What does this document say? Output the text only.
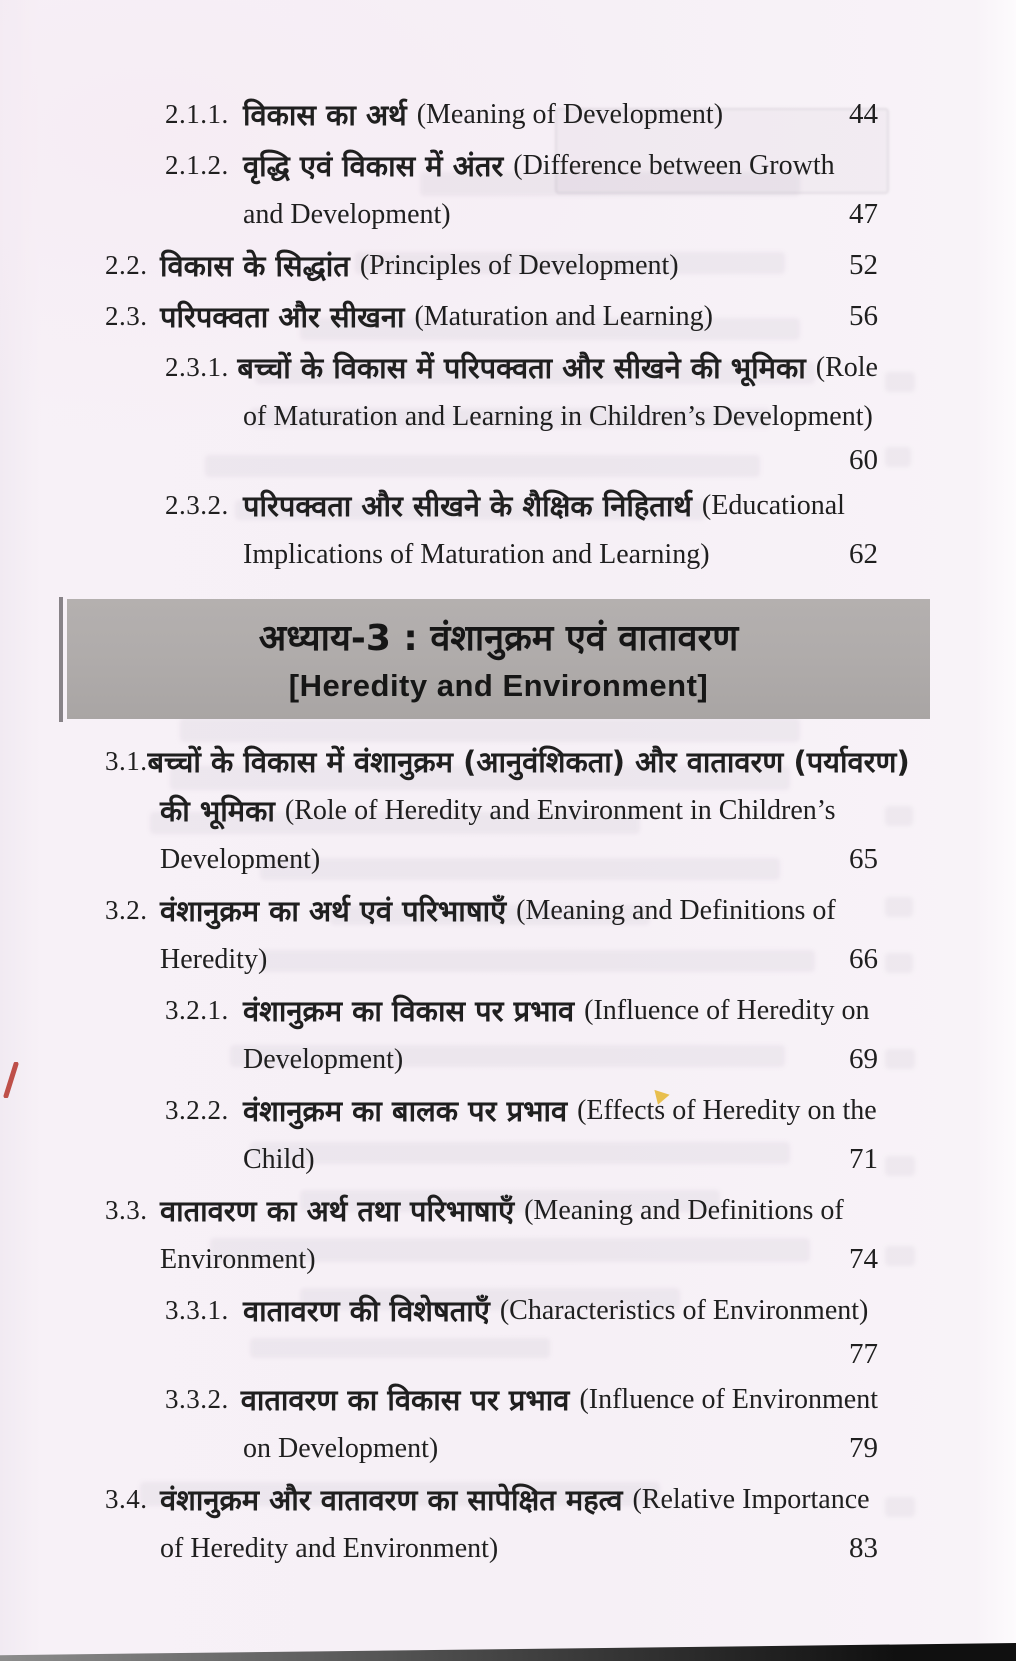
2.1.1. विकास का अर्थ (Meaning of Development)	44
2.1.2. वृद्धि एवं विकास में अंतर (Difference between Growth
and Development)	47
2.2. विकास के सिद्धांत (Principles of Development)	52
2.3. परिपक्वता और सीखना (Maturation and Learning)	56
2.3.1. बच्चों के विकास में परिपक्वता और सीखने की भूमिका (Role
of Maturation and Learning in Children’s Development)
60
2.3.2. परिपक्वता और सीखने के शैक्षिक निहितार्थ (Educational
Implications of Maturation and Learning)	62
अध्याय-3 : वंशानुक्रम एवं वातावरण
[Heredity and Environment]
3.1. बच्चों के विकास में वंशानुक्रम (आनुवंशिकता) और वातावरण (पर्यावरण)
की भूमिका (Role of Heredity and Environment in Children’s
Development)	65
3.2. वंशानुक्रम का अर्थ एवं परिभाषाएँ (Meaning and Definitions of
Heredity)	66
3.2.1. वंशानुक्रम का विकास पर प्रभाव (Influence of Heredity on
Development)	69
3.2.2. वंशानुक्रम का बालक पर प्रभाव (Effects of Heredity on the
Child)	71
3.3. वातावरण का अर्थ तथा परिभाषाएँ (Meaning and Definitions of
Environment)	74
3.3.1. वातावरण की विशेषताएँ (Characteristics of Environment)
77
3.3.2. वातावरण का विकास पर प्रभाव (Influence of Environment
on Development)	79
3.4. वंशानुक्रम और वातावरण का सापेक्षित महत्व (Relative Importance
of Heredity and Environment)	83
